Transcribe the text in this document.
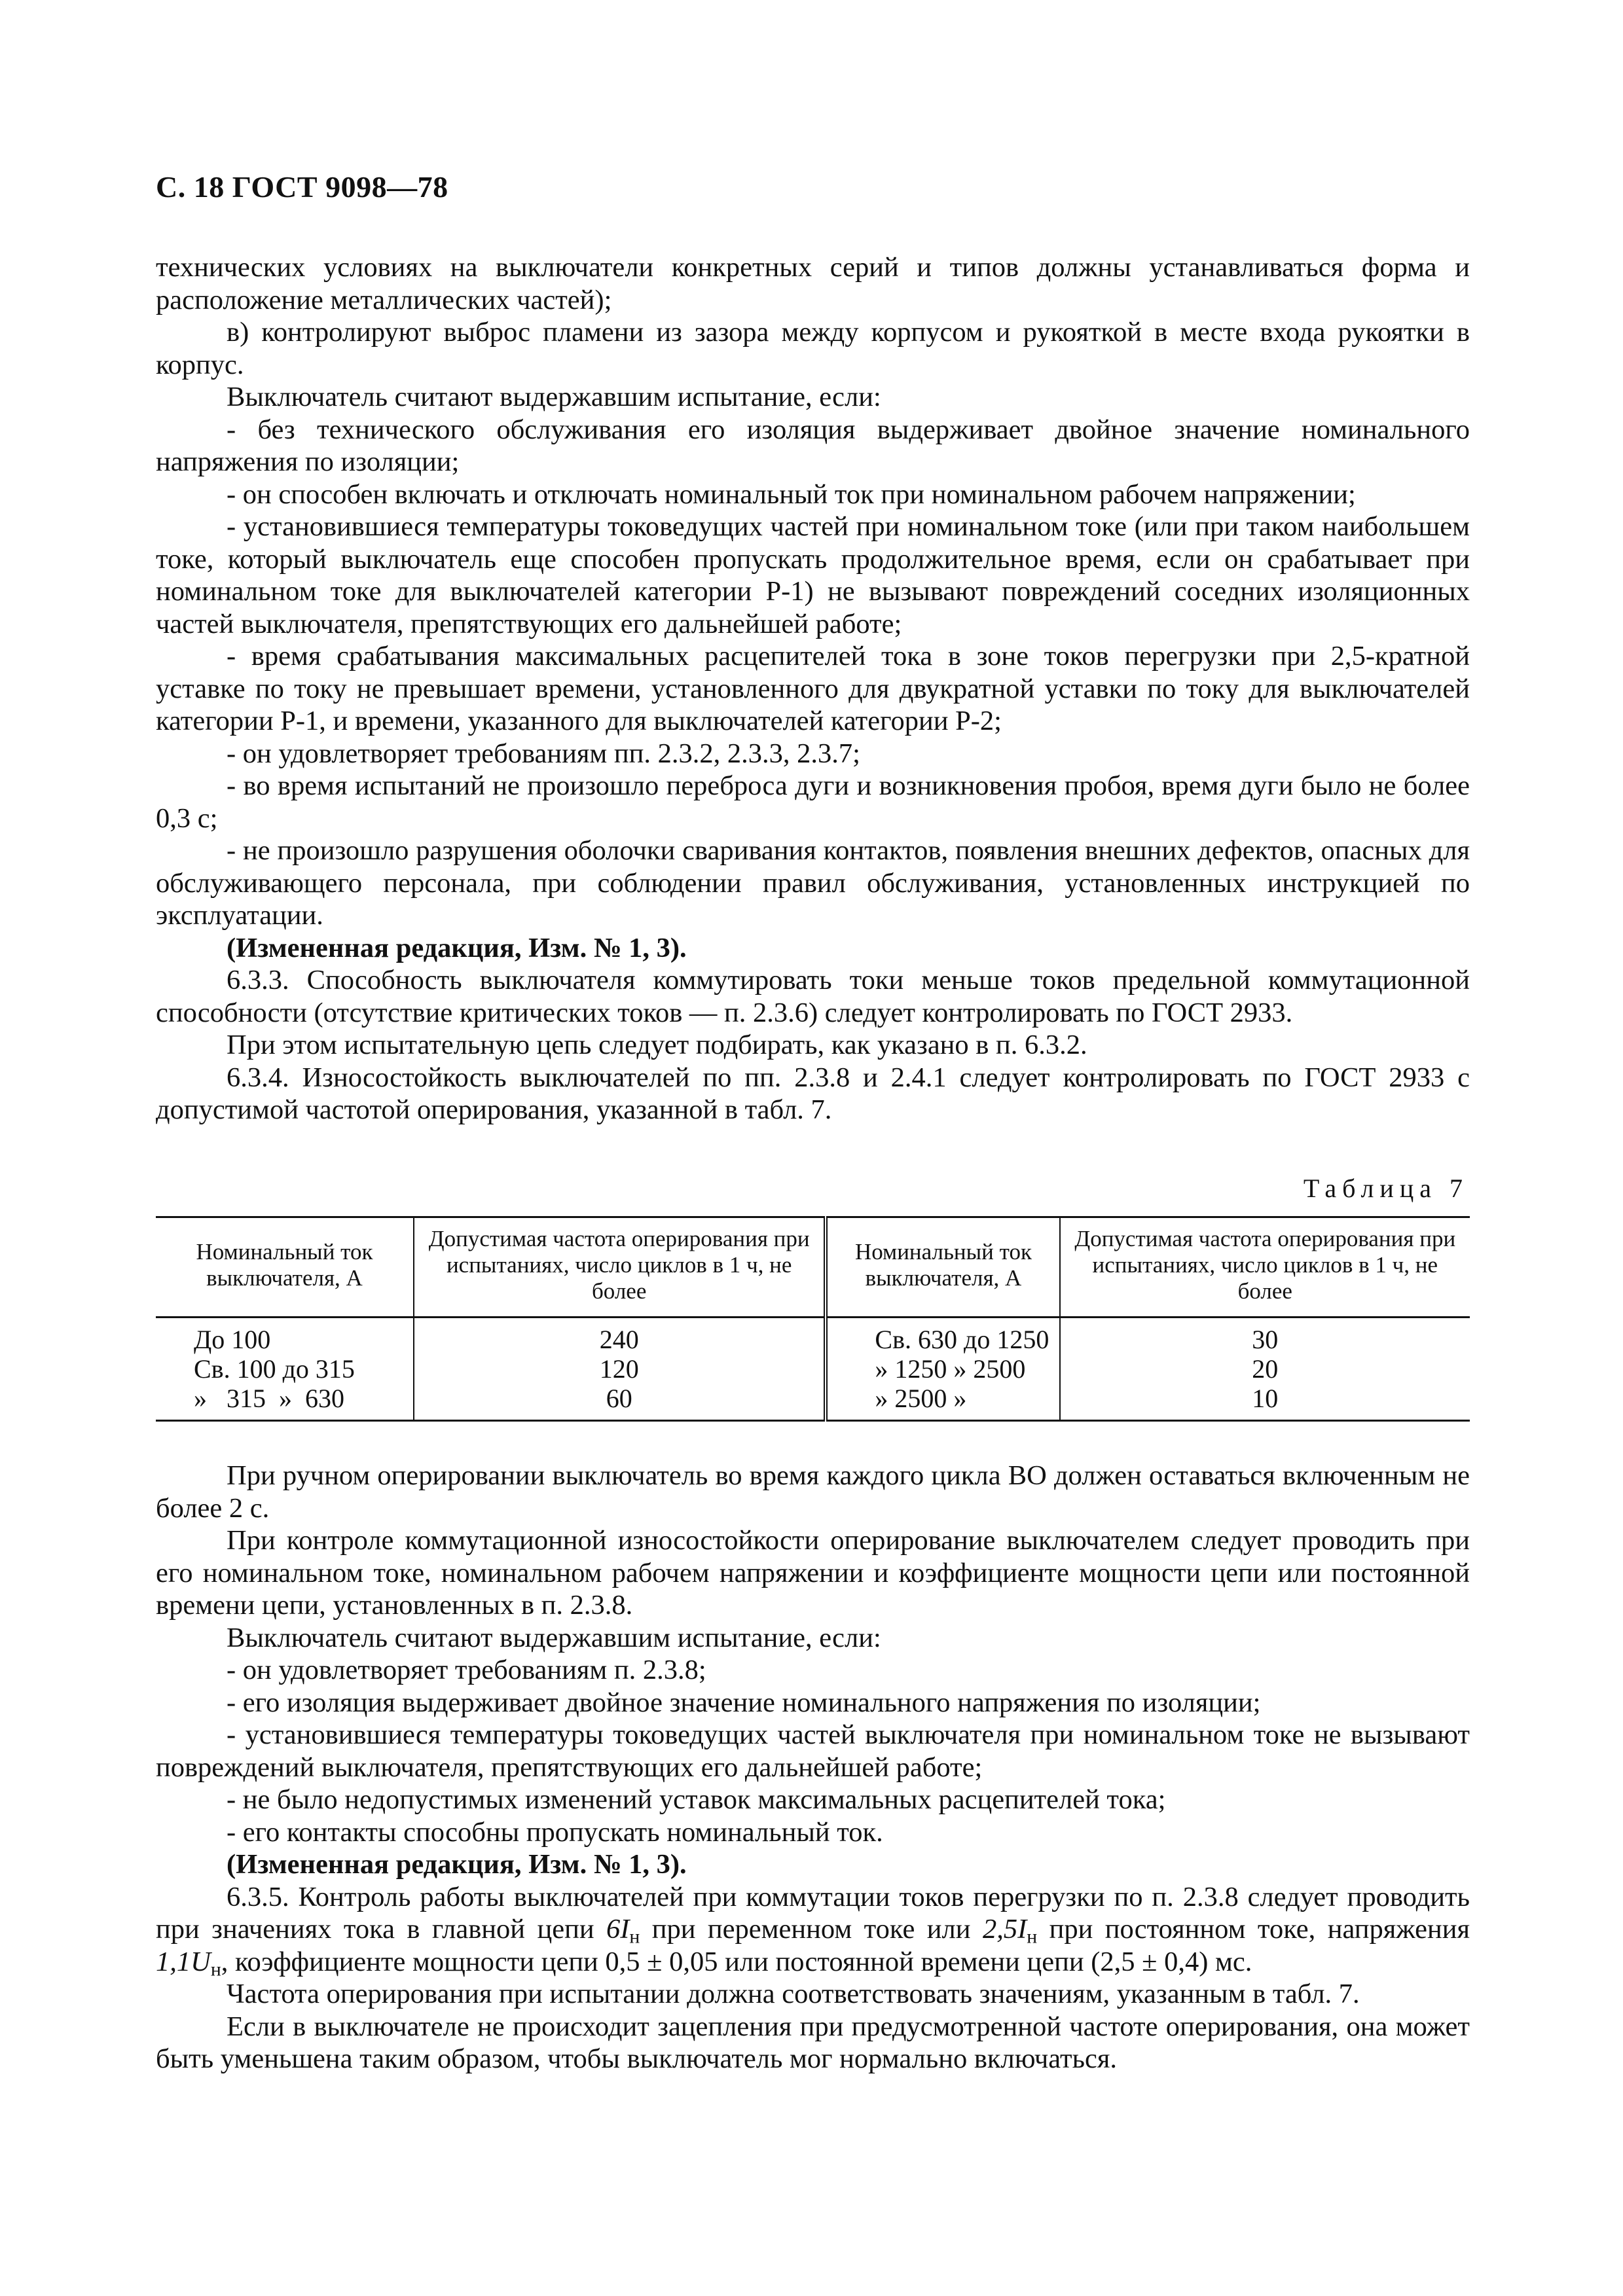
С. 18 ГОСТ 9098—78

технических условиях на выключатели конкретных серий и типов должны устанавливаться форма и расположение металлических частей);

в) контролируют выброс пламени из зазора между корпусом и рукояткой в месте входа рукоятки в корпус.

Выключатель считают выдержавшим испытание, если:

- без технического обслуживания его изоляция выдерживает двойное значение номинального напряжения по изоляции;

- он способен включать и отключать номинальный ток при номинальном рабочем напряжении;

- установившиеся температуры токоведущих частей при номинальном токе (или при таком наибольшем токе, который выключатель еще способен пропускать продолжительное время, если он срабатывает при номинальном токе для выключателей категории Р-1) не вызывают повреждений соседних изоляционных частей выключателя, препятствующих его дальнейшей работе;

- время срабатывания максимальных расцепителей тока в зоне токов перегрузки при 2,5-кратной уставке по току не превышает времени, установленного для двукратной уставки по току для выключателей категории Р-1, и времени, указанного для выключателей категории Р-2;

- он удовлетворяет требованиям пп. 2.3.2, 2.3.3, 2.3.7;

- во время испытаний не произошло переброса дуги и возникновения пробоя, время дуги было не более 0,3 с;

- не произошло разрушения оболочки сваривания контактов, появления внешних дефектов, опасных для обслуживающего персонала, при соблюдении правил обслуживания, установленных инструкцией по эксплуатации.

(Измененная редакция, Изм. № 1, 3).

6.3.3. Способность выключателя коммутировать токи меньше токов предельной коммутационной способности (отсутствие критических токов — п. 2.3.6) следует контролировать по ГОСТ 2933.

При этом испытательную цепь следует подбирать, как указано в п. 6.3.2.

6.3.4. Износостойкость выключателей по пп. 2.3.8 и 2.4.1 следует контролировать по ГОСТ 2933 с допустимой частотой оперирования, указанной в табл. 7.

Таблица 7
Номинальный ток выключателя, А	Допустимая частота оперирования при испытаниях, число циклов в 1 ч, не более	Номинальный ток выключателя, А	Допустимая частота оперирования при испытаниях, число циклов в 1 ч, не более
До 100	240	Св. 630 до 1250	30
Св. 100 до 315	120	» 1250 » 2500	20
»   315  »  630	60	» 2500 »	10

При ручном оперировании выключатель во время каждого цикла ВО должен оставаться включенным не более 2 с.

При контроле коммутационной износостойкости оперирование выключателем следует проводить при его номинальном токе, номинальном рабочем напряжении и коэффициенте мощности цепи или постоянной времени цепи, установленных в п. 2.3.8.

Выключатель считают выдержавшим испытание, если:

- он удовлетворяет требованиям п. 2.3.8;

- его изоляция выдерживает двойное значение номинального напряжения по изоляции;

- установившиеся температуры токоведущих частей выключателя при номинальном токе не вызывают повреждений выключателя, препятствующих его дальнейшей работе;

- не было недопустимых изменений уставок максимальных расцепителей тока;

- его контакты способны пропускать номинальный ток.

(Измененная редакция, Изм. № 1, 3).

6.3.5. Контроль работы выключателей при коммутации токов перегрузки по п. 2.3.8 следует проводить при значениях тока в главной цепи $6I_н$ при переменном токе или $2,5I_н$ при постоянном токе, напряжения $1,1U_н$, коэффициенте мощности цепи 0,5 ± 0,05 или постоянной времени цепи (2,5 ± 0,4) мс.

Частота оперирования при испытании должна соответствовать значениям, указанным в табл. 7.

Если в выключателе не происходит зацепления при предусмотренной частоте оперирования, она может быть уменьшена таким образом, чтобы выключатель мог нормально включаться.
